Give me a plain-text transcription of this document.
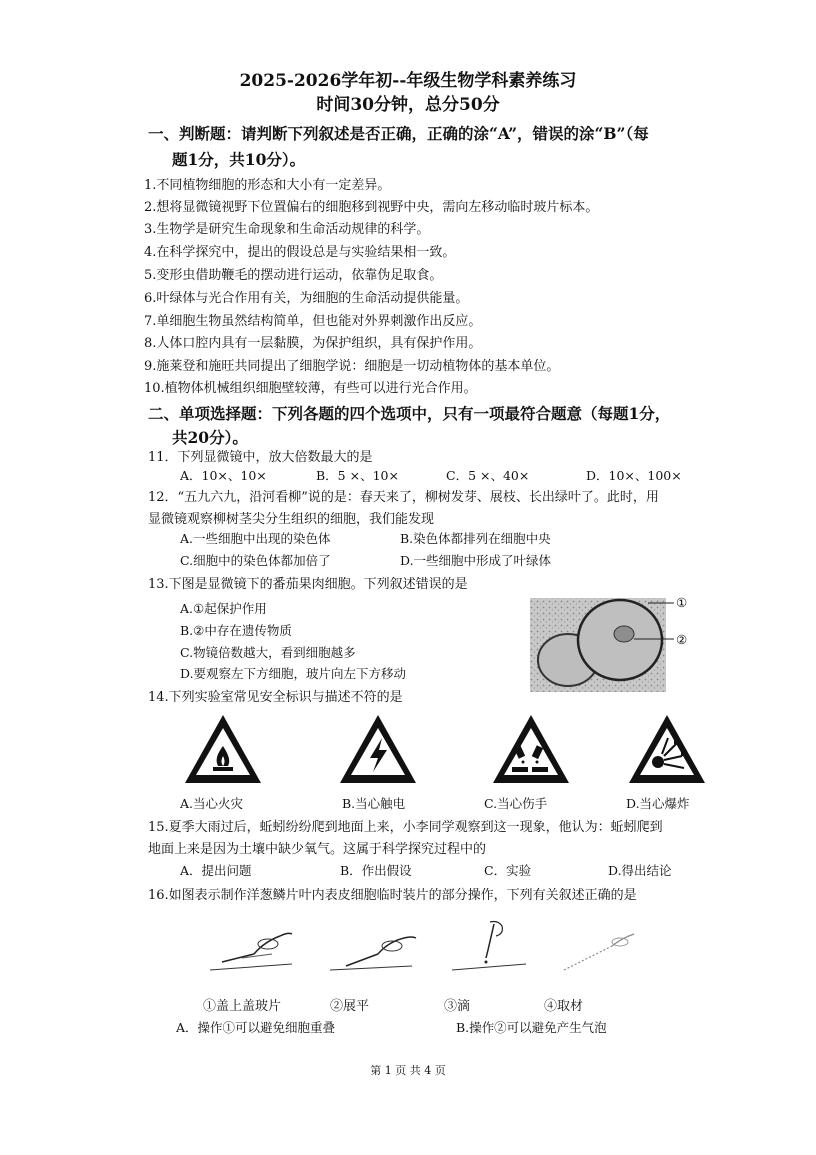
2025-2026学年初--年级生物学科素养练习
时间30分钟，总分50分
一、判断题：请判断下列叙述是否正确，正确的涂“A”，错误的涂“B”（每
题1分，共10分）。
1.不同植物细胞的形态和大小有一定差异。
2.想将显微镜视野下位置偏右的细胞移到视野中央，需向左移动临时玻片标本。
3.生物学是研究生命现象和生命活动规律的科学。
4.在科学探究中，提出的假设总是与实验结果相一致。
5.变形虫借助鞭毛的摆动进行运动，依靠伪足取食。
6.叶绿体与光合作用有关，为细胞的生命活动提供能量。
7.单细胞生物虽然结构简单，但也能对外界刺激作出反应。
8.人体口腔内具有一层黏膜，为保护组织，具有保护作用。
9.施莱登和施旺共同提出了细胞学说：细胞是一切动植物体的基本单位。
10.植物体机械组织细胞壁较薄，有些可以进行光合作用。
二、单项选择题：下列各题的四个选项中，只有一项最符合题意（每题1分，
共20分）。
11．下列显微镜中，放大倍数最大的是
A．10×、10×	B．5 ×、10×	C．5 ×、40×	D．10×、100×
12．“五九六九，沿河看柳”说的是：春天来了，柳树发芽、展枝、长出绿叶了。此时，用
显微镜观察柳树茎尖分生组织的细胞，我们能发现
A.一些细胞中出现的染色体	B.染色体都排列在细胞中央
C.细胞中的染色体都加倍了	D.一些细胞中形成了叶绿体
13.下图是显微镜下的番茄果肉细胞。下列叙述错误的是
A.①起保护作用
B.②中存在遗传物质
C.物镜倍数越大，看到细胞越多
D.要观察左下方细胞，玻片向左下方移动
①
②
14.下列实验室常见安全标识与描述不符的是
A.当心火灾	B.当心触电	C.当心伤手	D.当心爆炸
15.夏季大雨过后，蚯蚓纷纷爬到地面上来，小李同学观察到这一现象，他认为：蚯蚓爬到
地面上来是因为土壤中缺少氧气。这属于科学探究过程中的
A．提出问题	B．作出假设	C．实验	D.得出结论
16.如图表示制作洋葱鳞片叶内表皮细胞临时装片的部分操作，下列有关叙述正确的是
①盖上盖玻片	②展平	③滴	④取材
A．操作①可以避免细胞重叠	B.操作②可以避免产生气泡
第 1 页 共 4 页
